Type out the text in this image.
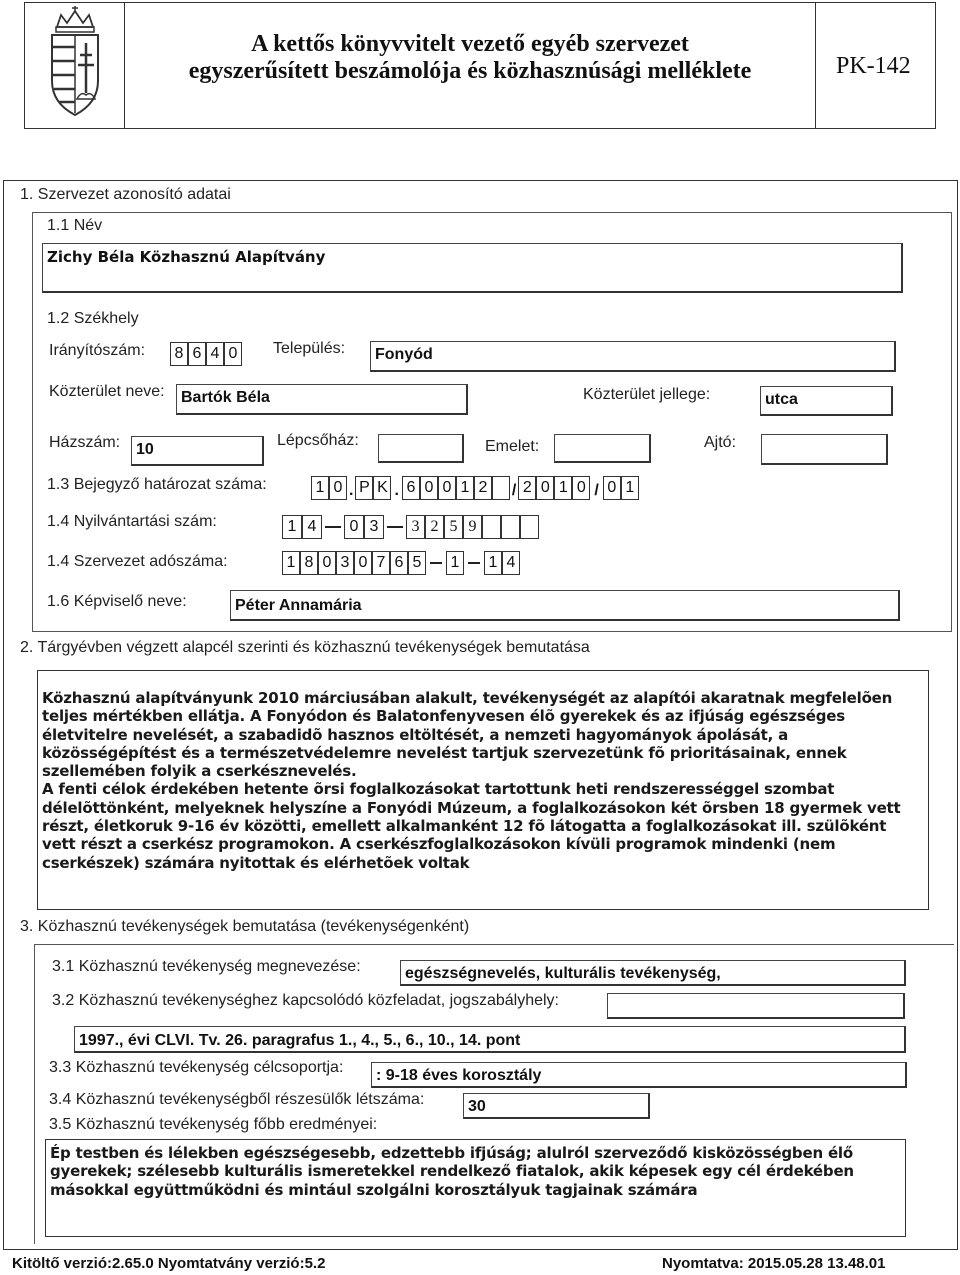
A kettős könyvvitelt vezető egyéb szervezet
egyszerűsített beszámolója és közhasznúsági melléklete	PK-142
1. Szervezet azonosító adatai
1.1 Név
Zichy Béla Közhasznú Alapítvány
1.2 Székhely
Irányítószám: 8 6 4 0 Település:	Fonyód
Közterület neve:	Bartók Béla	Közterület jellege:	utca
Házszám: 10
Lépcsőház:	Emelet:	Ajtó:
1.3 Bejegyző határozat száma:	1 0 . P K . 6 0 0 1 2 / 2 0 1 0 / 0 1
1.4 Nyilvántartási szám:	1 4	0 3	3 2 5 9
1.4 Szervezet adószáma:	1 8 0 3 0 7 6 5 1 1 4
1.6 Képviselő neve:	Péter Annamária
2. Tárgyévben végzett alapcél szerinti és közhasznú tevékenységek bemutatása
Közhasznú alapítványunk 2010 márciusában alakult, tevékenységét az alapítói akaratnak megfelelõen teljes mértékben ellátja. A Fonyódon és Balatonfenyvesen élõ gyerekek és az ifjúság egészséges életvitelre nevelését, a szabadidõ hasznos eltöltését, a nemzeti hagyományok ápolását, a közösségépítést és a természetvédelemre nevelést tartjuk szervezetünk fõ prioritásainak, ennek szellemében folyik a cserkésznevelés.
A fenti célok érdekében hetente õrsi foglalkozásokat tartottunk heti rendszerességgel szombat délelõttönként, melyeknek helyszíne a Fonyódi Múzeum, a foglalkozásokon két õrsben 18 gyermek vett részt, életkoruk 9-16 év közötti, emellett alkalmanként 12 fõ látogatta a foglalkozásokat ill. szülõként vett részt a cserkész programokon. A cserkészfoglalkozásokon kívüli programok mindenki (nem cserkészek) számára nyitottak és elérhetõek voltak
3. Közhasznú tevékenységek bemutatása (tevékenységenként)
3.1 Közhasznú tevékenység megnevezése:	egészségnevelés, kulturális tevékenység,
3.2 Közhasznú tevékenységhez kapcsolódó közfeladat, jogszabályhely:
1997., évi CLVI. Tv. 26. paragrafus 1., 4., 5., 6., 10., 14. pont
3.3 Közhasznú tevékenység célcsoportja:	: 9-18 éves korosztály
3.4 Közhasznú tevékenységből részesülők létszáma:	30
3.5 Közhasznú tevékenység főbb eredményei:
Ép testben és lélekben egészségesebb, edzettebb ifjúság; alulról szerveződő kisközösségben élő gyerekek; szélesebb kulturális ismeretekkel rendelkező fiatalok, akik képesek egy cél érdekében másokkal együttműködni és mintául szolgálni korosztályuk tagjainak számára
Kitöltő verzió:2.65.0 Nyomtatvány verzió:5.2	Nyomtatva: 2015.05.28 13.48.01
